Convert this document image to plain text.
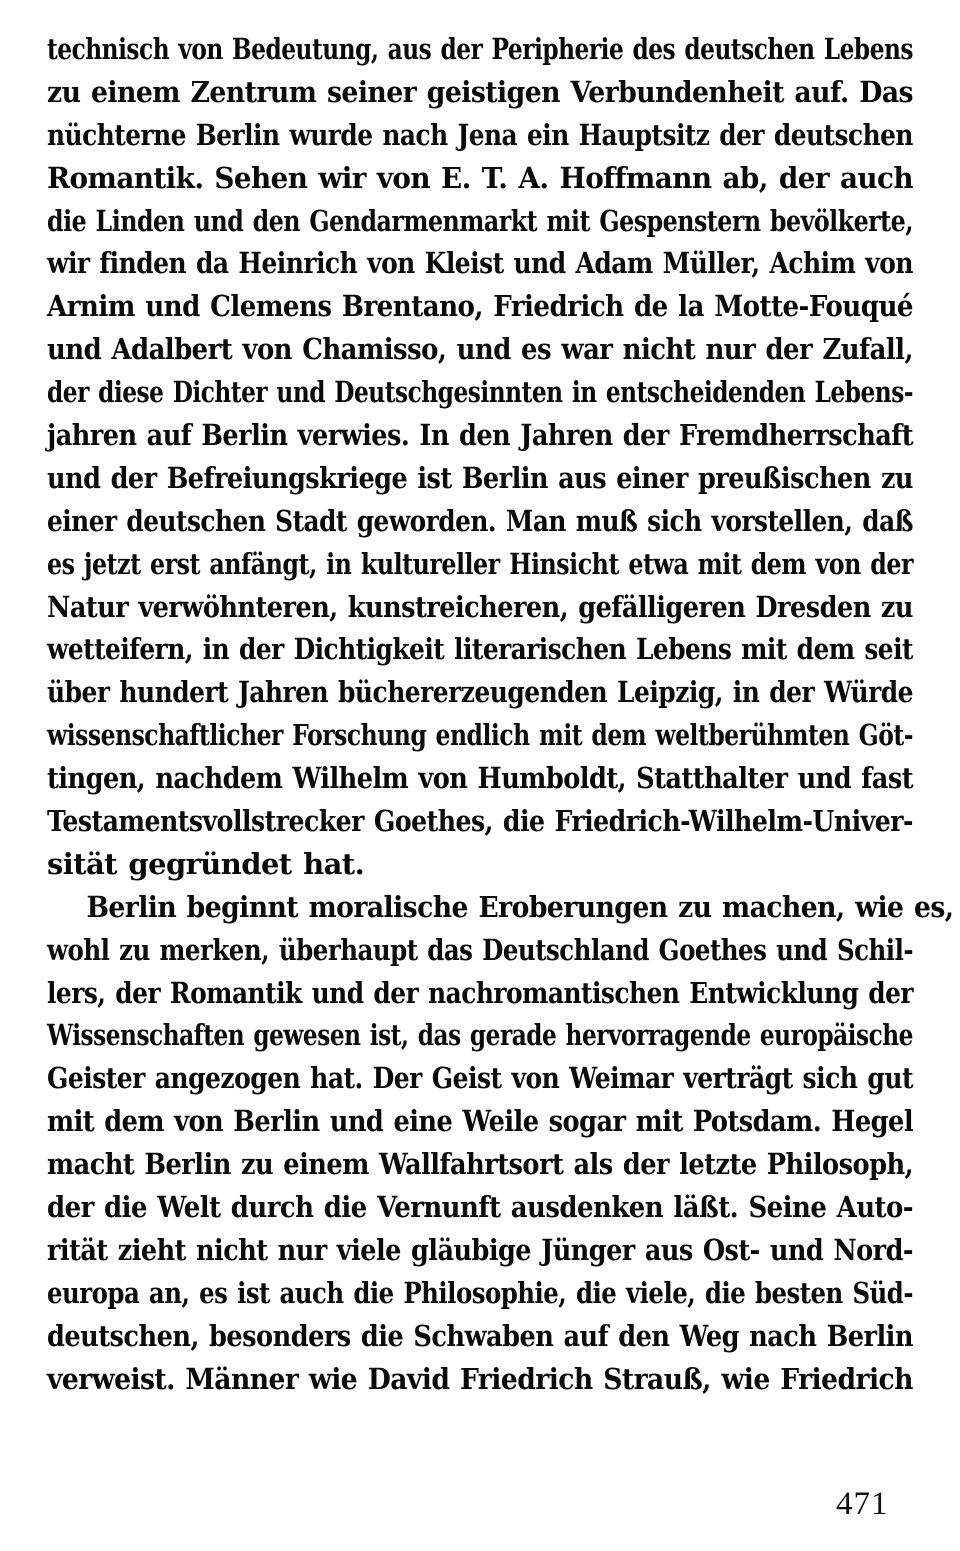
technisch von Bedeutung, aus der Peripherie des deutschen Lebens
zu einem Zentrum seiner geistigen Verbundenheit auf. Das
nüchterne Berlin wurde nach Jena ein Hauptsitz der deutschen
Romantik. Sehen wir von E. T. A. Hoffmann ab, der auch
die Linden und den Gendarmenmarkt mit Gespenstern bevölkerte,
wir finden da Heinrich von Kleist und Adam Müller, Achim von
Arnim und Clemens Brentano, Friedrich de la Motte-Fouqué
und Adalbert von Chamisso, und es war nicht nur der Zufall,
der diese Dichter und Deutschgesinnten in entscheidenden Lebens-
jahren auf Berlin verwies. In den Jahren der Fremdherrschaft
und der Befreiungskriege ist Berlin aus einer preußischen zu
einer deutschen Stadt geworden. Man muß sich vorstellen, daß
es jetzt erst anfängt, in kultureller Hinsicht etwa mit dem von der
Natur verwöhnteren, kunstreicheren, gefälligeren Dresden zu
wetteifern, in der Dichtigkeit literarischen Lebens mit dem seit
über hundert Jahren büchererzeugenden Leipzig, in der Würde
wissenschaftlicher Forschung endlich mit dem weltberühmten Göt-
tingen, nachdem Wilhelm von Humboldt, Statthalter und fast
Testamentsvollstrecker Goethes, die Friedrich-Wilhelm-Univer-
sität gegründet hat.
Berlin beginnt moralische Eroberungen zu machen, wie es,
wohl zu merken, überhaupt das Deutschland Goethes und Schil-
lers, der Romantik und der nachromantischen Entwicklung der
Wissenschaften gewesen ist, das gerade hervorragende europäische
Geister angezogen hat. Der Geist von Weimar verträgt sich gut
mit dem von Berlin und eine Weile sogar mit Potsdam. Hegel
macht Berlin zu einem Wallfahrtsort als der letzte Philosoph,
der die Welt durch die Vernunft ausdenken läßt. Seine Auto-
rität zieht nicht nur viele gläubige Jünger aus Ost- und Nord-
europa an, es ist auch die Philosophie, die viele, die besten Süd-
deutschen, besonders die Schwaben auf den Weg nach Berlin
verweist. Männer wie David Friedrich Strauß, wie Friedrich
471
